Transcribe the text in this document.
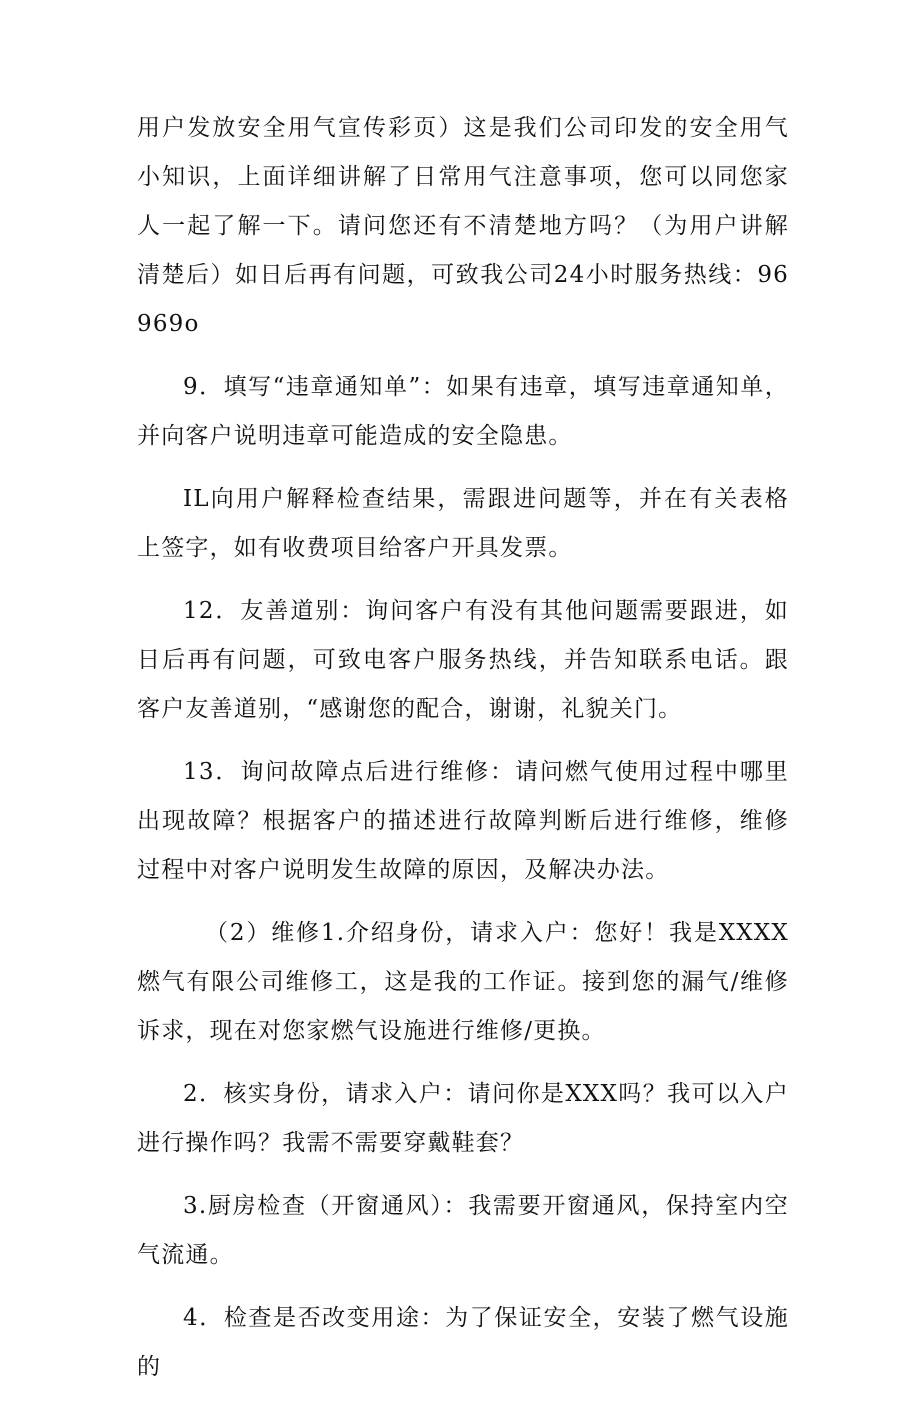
用户发放安全用气宣传彩页）这是我们公司印发的安全用气小知识，上面详细讲解了日常用气注意事项，您可以同您家人一起了解一下。请问您还有不清楚地方吗？（为用户讲解清楚后）如日后再有问题，可致我公司24小时服务热线：96969o

9．填写“违章通知单”：如果有违章，填写违章通知单，并向客户说明违章可能造成的安全隐患。

IL向用户解释检查结果，需跟进问题等，并在有关表格上签字，如有收费项目给客户开具发票。

12．友善道别：询问客户有没有其他问题需要跟进，如日后再有问题，可致电客户服务热线，并告知联系电话。跟客户友善道别，“感谢您的配合，谢谢，礼貌关门。

13．询问故障点后进行维修：请问燃气使用过程中哪里出现故障？根据客户的描述进行故障判断后进行维修，维修过程中对客户说明发生故障的原因，及解决办法。

（2）维修1.介绍身份，请求入户：您好！我是XXXX燃气有限公司维修工，这是我的工作证。接到您的漏气/维修诉求，现在对您家燃气设施进行维修/更换。

2．核实身份，请求入户：请问你是XXX吗？我可以入户进行操作吗？我需不需要穿戴鞋套？

3.厨房检查（开窗通风）：我需要开窗通风，保持室内空气流通。

4．检查是否改变用途：为了保证安全，安装了燃气设施的
